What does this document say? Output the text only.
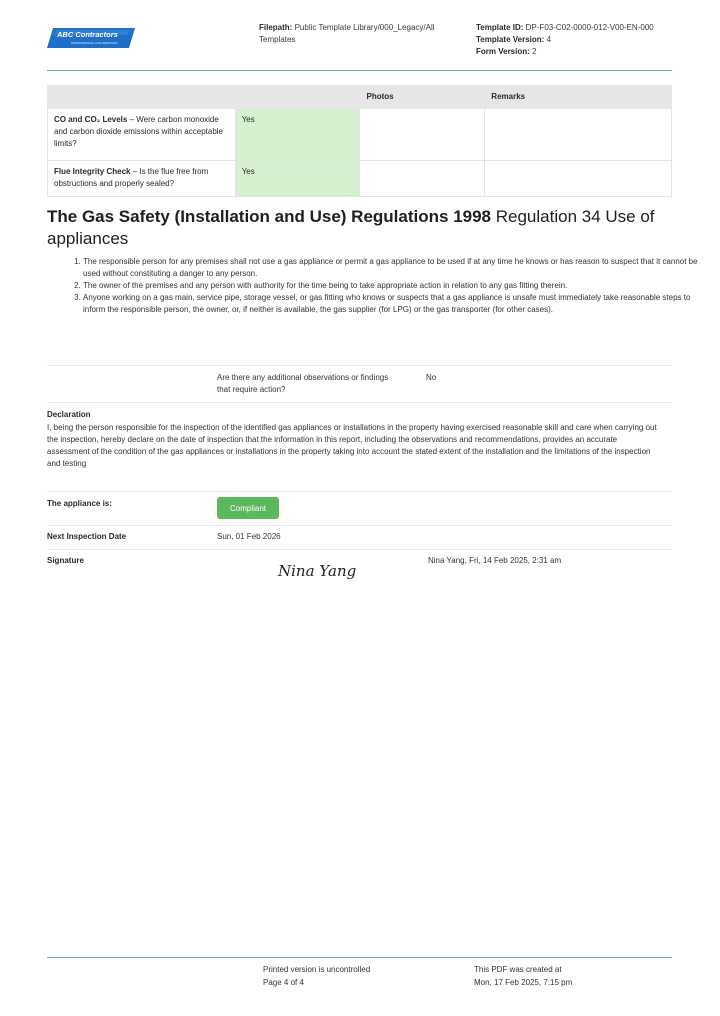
ABC Contractors
PROFESSIONAL GAS SERVICES
Filepath: Public Template Library/000_Legacy/All Templates
Template ID: DP-F03-C02-0000-012-V00-EN-000
Template Version: 4
Form Version: 2
		Photos	Remarks
CO and CO₂ Levels – Were carbon monoxide and carbon dioxide emissions within acceptable limits?	Yes		
Flue Integrity Check – Is the flue free from obstructions and properly sealed?	Yes		
The Gas Safety (Installation and Use) Regulations 1998 Regulation 34 Use of appliances
1. The responsible person for any premises shall not use a gas appliance or permit a gas appliance to be used if at any time he knows or has reason to suspect that it cannot be used without constituting a danger to any person.
2. The owner of the premises and any person with authority for the time being to take appropriate action in relation to any gas fitting therein.
3. Anyone working on a gas main, service pipe, storage vessel, or gas fitting who knows or suspects that a gas appliance is unsafe must immediately take reasonable steps to inform the responsible person, the owner, or, if neither is available, the gas supplier (for LPG) or the gas transporter (for other cases).
Are there any additional observations or findings that require action?
No
Declaration
I, being the person responsible for the inspection of the identified gas appliances or installations in the property having exercised reasonable skill and care when carrying out the inspection, hereby declare on the date of inspection that the information in this report, including the observations and recommendations, provides an accurate assessment of the condition of the gas appliances or installations in the property taking into account the stated extent of the installation and the limitations of the inspection and testing
The appliance is:	Compliant
Next Inspection Date	Sun, 01 Feb 2026
Signature
Nina Yang
Nina Yang, Fri, 14 Feb 2025, 2:31 am
Printed version is uncontrolled
Page 4 of 4
This PDF was created at
Mon, 17 Feb 2025, 7:15 pm
